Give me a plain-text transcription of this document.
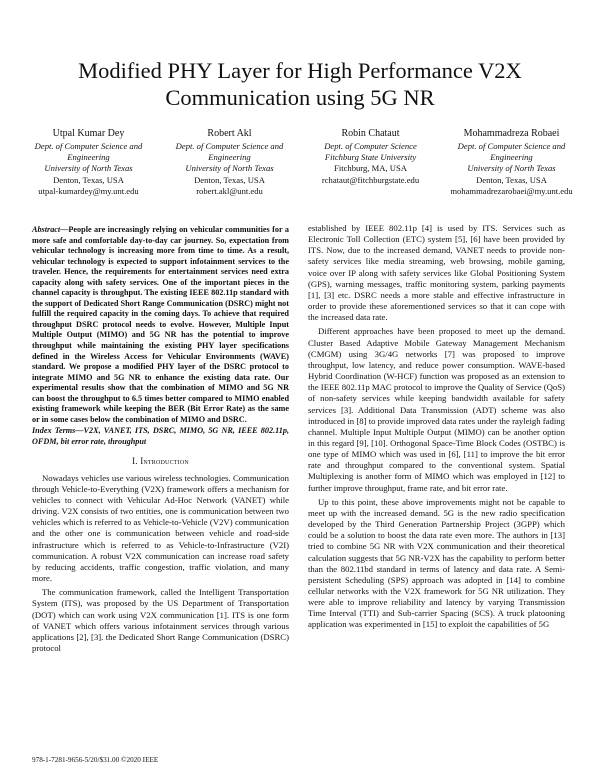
Modified PHY Layer for High Performance V2X Communication using 5G NR
Utpal Kumar Dey
Dept. of Computer Science and Engineering
University of North Texas
Denton, Texas, USA
utpal-kumardey@my.unt.edu
Robert Akl
Dept. of Computer Science and Engineering
University of North Texas
Denton, Texas, USA
robert.akl@unt.edu
Robin Chataut
Dept. of Computer Science
Fitchburg State University
Fitchburg, MA, USA
rchataut@fitchburgstate.edu
Mohammadreza Robaei
Dept. of Computer Science and Engineering
University of North Texas
Denton, Texas, USA
mohammadrezarobaei@my.unt.edu
Abstract—People are increasingly relying on vehicular communities for a more safe and comfortable day-to-day car journey. So, expectation from vehicular technology is increasing more from time to time. As a result, vehicular technology is expected to support infotainment services to the traveler. Hence, the requirements for entertainment services need extra capacity along with safety services. One of the important pieces in the channel capacity is throughput. The existing IEEE 802.11p standard with the support of Dedicated Short Range Communication (DSRC) might not fulfill the required capacity in the coming days. To achieve that required throughput DSRC protocol needs to evolve. However, Multiple Input Multiple Output (MIMO) and 5G NR has the potential to improve throughput while maintaining the existing PHY layer specifications defined in the Wireless Access for Vehicular Environments (WAVE) standard. We propose a modified PHY layer of the DSRC protocol to integrate MIMO and 5G NR to enhance the existing data rate. Our experimental results show that the combination of MIMO and 5G NR can boost the throughput to 6.5 times better compared to MIMO enabled existing framework while keeping the BER (Bit Error Rate) as the same or in some cases below the combination of MIMO and DSRC.
Index Terms—V2X, VANET, ITS, DSRC, MIMO, 5G NR, IEEE 802.11p, OFDM, bit error rate, throughput
I. Introduction

Nowadays vehicles use various wireless technologies. Communication through Vehicle-to-Everything (V2X) framework offers a mechanism for vehicles to connect with Vehicular Ad-Hoc Network (VANET) while driving. V2X consists of two entities, one is communication between two vehicles which is referred to as Vehicle-to-Vehicle (V2V) communication and the other one is communication between vehicle and road-side infrastructure which is referred to as Vehicle-to-Infrastructure (V2I) communication. A robust V2X communication can increase road safety by reducing accidents, traffic congestion, traffic violation, and many more.

The communication framework, called the Intelligent Transportation System (ITS), was proposed by the US Department of Transportation (DOT) which can work using V2X communication [1]. ITS is one form of VANET which offers various infotainment services through various applications [2], [3]. the Dedicated Short Range Communication (DSRC) protocol

established by IEEE 802.11p [4] is used by ITS. Services such as Electronic Toll Collection (ETC) system [5], [6] have been provided by ITS. Now, due to the increased demand, VANET needs to provide non-safety services like media streaming, web browsing, mobile gaming, voice over IP along with safety services like Global Positioning System (GPS), warning messages, traffic monitoring system, parking payments [1], [3] etc. DSRC needs a more stable and effective infrastructure in order to provide these aforementioned services so that it can cope with the increased data rate.

Different approaches have been proposed to meet up the demand. Cluster Based Adaptive Mobile Gateway Management Mechanism (CMGM) using 3G/4G networks [7] was proposed to improve throughput, low latency, and reduce power consumption. WAVE-based Hybrid Coordination (W-HCF) function was proposed as an extension to the IEEE 802.11p MAC protocol to improve the Quality of Service (QoS) of non-safety services while keeping bandwidth available for safety services [3]. Additional Data Transmission (ADT) scheme was also introduced in [8] to provide improved data rates under the rayleigh fading channel. Multiple Input Multiple Output (MIMO) can be another option in this regard [9], [10]. Orthogonal Space-Time Block Codes (OSTBC) is one type of MIMO which was used in [6], [11] to improve the bit error rate and throughput compared to the conventional system. Spatial Multiplexing is another form of MIMO which was employed in [12] to further improve throughput, frame rate, and bit error rate.

Up to this point, these above improvements might not be capable to meet up with the increased demand. 5G is the new radio specification developed by the Third Generation Partnership Project (3GPP) which could be a solution to boost the data rate even more. The authors in [13] tried to combine 5G NR with V2X communication and their theoretical calculation suggests that 5G NR-V2X has the capability to perform better than the 802.11bd standard in terms of latency and data rate. A Semi-persistent Scheduling (SPS) approach was adopted in [14] to combine cellular networks with the V2X framework for 5G NR utilization. They were able to improve reliability and latency by varying Transmission Time Interval (TTI) and Sub-carrier Spacing (SCS). A truck platooning application was experimented in [15] to exploit the capabilities of 5G

978-1-7281-9656-5/20/$31.00 ©2020 IEEE
